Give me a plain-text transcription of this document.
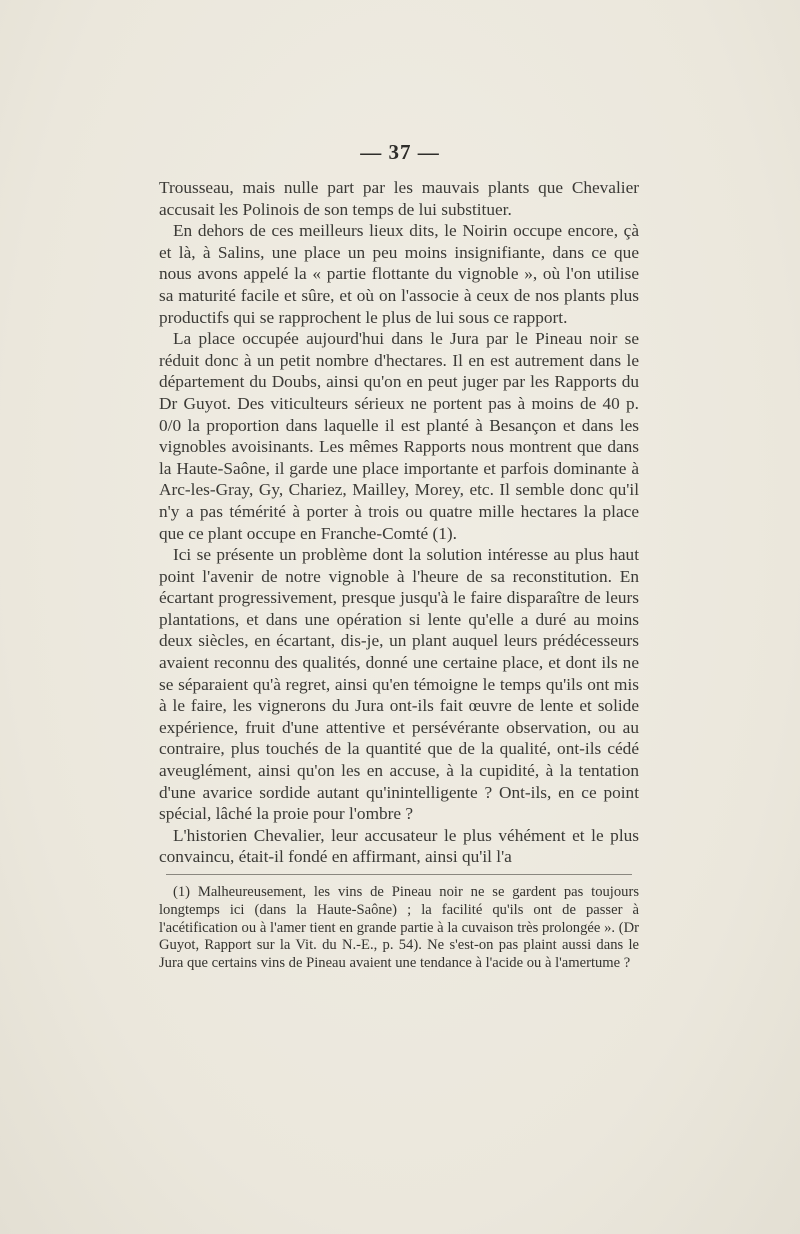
— 37 —

Trousseau, mais nulle part par les mauvais plants que Chevalier accusait les Polinois de son temps de lui substituer.

En dehors de ces meilleurs lieux dits, le Noirin occupe encore, çà et là, à Salins, une place un peu moins insignifiante, dans ce que nous avons appelé la « partie flottante du vignoble », où l'on utilise sa maturité facile et sûre, et où on l'associe à ceux de nos plants plus productifs qui se rapprochent le plus de lui sous ce rapport.

La place occupée aujourd'hui dans le Jura par le Pineau noir se réduit donc à un petit nombre d'hectares. Il en est autrement dans le département du Doubs, ainsi qu'on en peut juger par les Rapports du Dr Guyot. Des viticulteurs sérieux ne portent pas à moins de 40 p. 0/0 la proportion dans laquelle il est planté à Besançon et dans les vignobles avoisinants. Les mêmes Rapports nous montrent que dans la Haute-Saône, il garde une place importante et parfois dominante à Arc-les-Gray, Gy, Chariez, Mailley, Morey, etc. Il semble donc qu'il n'y a pas témérité à porter à trois ou quatre mille hectares la place que ce plant occupe en Franche-Comté (1).

Ici se présente un problème dont la solution intéresse au plus haut point l'avenir de notre vignoble à l'heure de sa reconstitution. En écartant progressivement, presque jusqu'à le faire disparaître de leurs plantations, et dans une opération si lente qu'elle a duré au moins deux siècles, en écartant, dis-je, un plant auquel leurs prédécesseurs avaient reconnu des qualités, donné une certaine place, et dont ils ne se séparaient qu'à regret, ainsi qu'en témoigne le temps qu'ils ont mis à le faire, les vignerons du Jura ont-ils fait œuvre de lente et solide expérience, fruit d'une attentive et persévérante observation, ou au contraire, plus touchés de la quantité que de la qualité, ont-ils cédé aveuglément, ainsi qu'on les en accuse, à la cupidité, à la tentation d'une avarice sordide autant qu'inintelligente ? Ont-ils, en ce point spécial, lâché la proie pour l'ombre ?

L'historien Chevalier, leur accusateur le plus véhément et le plus convaincu, était-il fondé en affirmant, ainsi qu'il l'a

(1) Malheureusement, les vins de Pineau noir ne se gardent pas toujours longtemps ici (dans la Haute-Saône) ; la facilité qu'ils ont de passer à l'acétification ou à l'amer tient en grande partie à la cuvaison très prolongée ». (Dr Guyot, Rapport sur la Vit. du N.-E., p. 54). Ne s'est-on pas plaint aussi dans le Jura que certains vins de Pineau avaient une tendance à l'acide ou à l'amertume ?
